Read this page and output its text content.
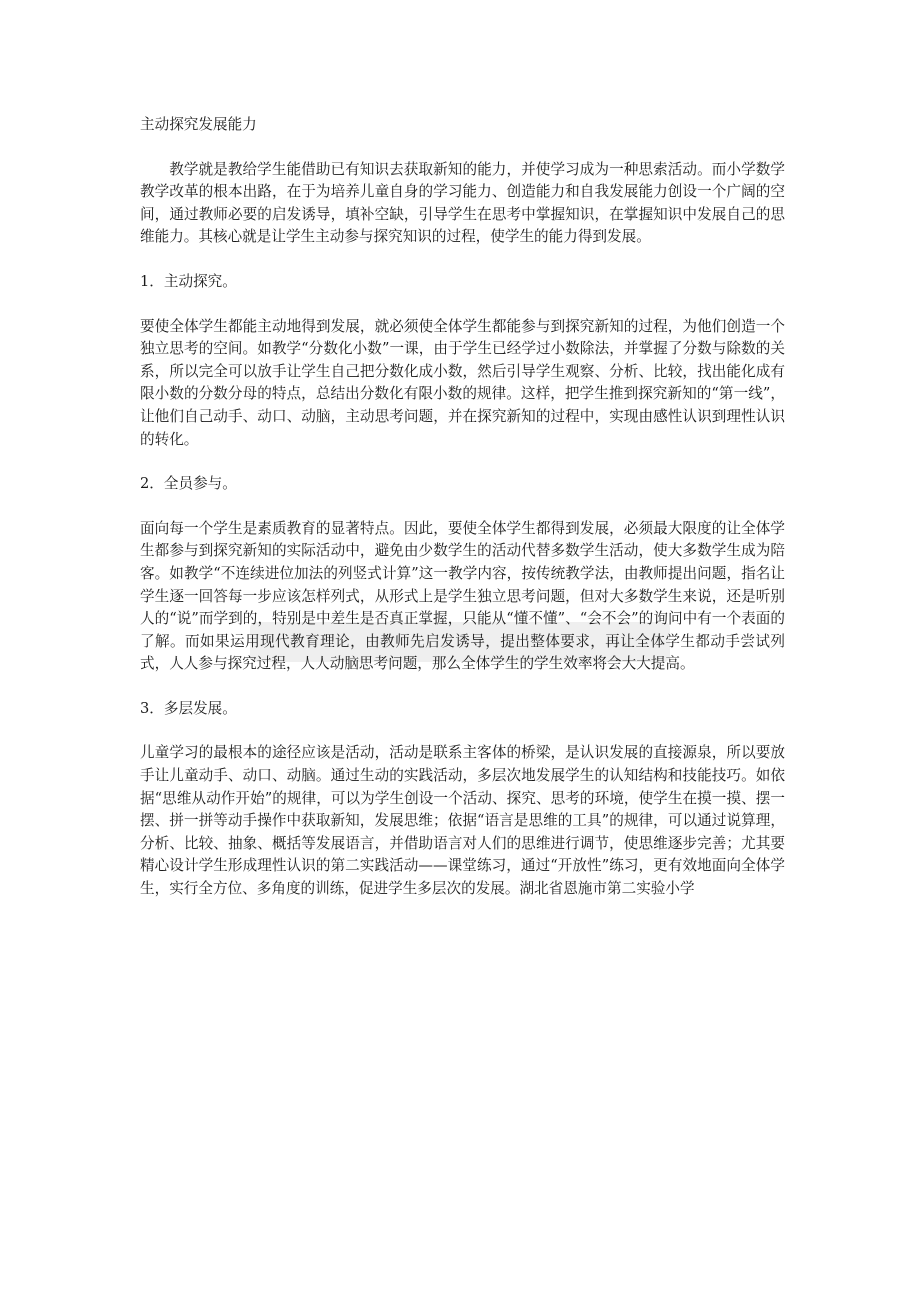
主动探究发展能力

教学就是教给学生能借助已有知识去获取新知的能力，并使学习成为一种思索活动。而小学数学教学改革的根本出路，在于为培养儿童自身的学习能力、创造能力和自我发展能力创设一个广阔的空间，通过教师必要的启发诱导，填补空缺，引导学生在思考中掌握知识，在掌握知识中发展自己的思维能力。其核心就是让学生主动参与探究知识的过程，使学生的能力得到发展。

1．主动探究。

要使全体学生都能主动地得到发展，就必须使全体学生都能参与到探究新知的过程，为他们创造一个独立思考的空间。如教学“分数化小数”一课，由于学生已经学过小数除法，并掌握了分数与除数的关系，所以完全可以放手让学生自己把分数化成小数，然后引导学生观察、分析、比较，找出能化成有限小数的分数分母的特点，总结出分数化有限小数的规律。这样，把学生推到探究新知的“第一线”，让他们自己动手、动口、动脑，主动思考问题，并在探究新知的过程中，实现由感性认识到理性认识的转化。

2．全员参与。

面向每一个学生是素质教育的显著特点。因此，要使全体学生都得到发展，必须最大限度的让全体学生都参与到探究新知的实际活动中，避免由少数学生的活动代替多数学生活动，使大多数学生成为陪客。如教学“不连续进位加法的列竖式计算”这一教学内容，按传统教学法，由教师提出问题，指名让学生逐一回答每一步应该怎样列式，从形式上是学生独立思考问题，但对大多数学生来说，还是听别人的“说”而学到的，特别是中差生是否真正掌握，只能从“懂不懂”、“会不会”的询问中有一个表面的了解。而如果运用现代教育理论，由教师先启发诱导，提出整体要求，再让全体学生都动手尝试列式，人人参与探究过程，人人动脑思考问题，那么全体学生的学生效率将会大大提高。

3．多层发展。

儿童学习的最根本的途径应该是活动，活动是联系主客体的桥梁，是认识发展的直接源泉，所以要放手让儿童动手、动口、动脑。通过生动的实践活动，多层次地发展学生的认知结构和技能技巧。如依据“思维从动作开始”的规律，可以为学生创设一个活动、探究、思考的环境，使学生在摸一摸、摆一摆、拼一拼等动手操作中获取新知，发展思维；依据“语言是思维的工具”的规律，可以通过说算理，分析、比较、抽象、概括等发展语言，并借助语言对人们的思维进行调节，使思维逐步完善；尤其要精心设计学生形成理性认识的第二实践活动——课堂练习，通过“开放性”练习，更有效地面向全体学生，实行全方位、多角度的训练，促进学生多层次的发展。湖北省恩施市第二实验小学
